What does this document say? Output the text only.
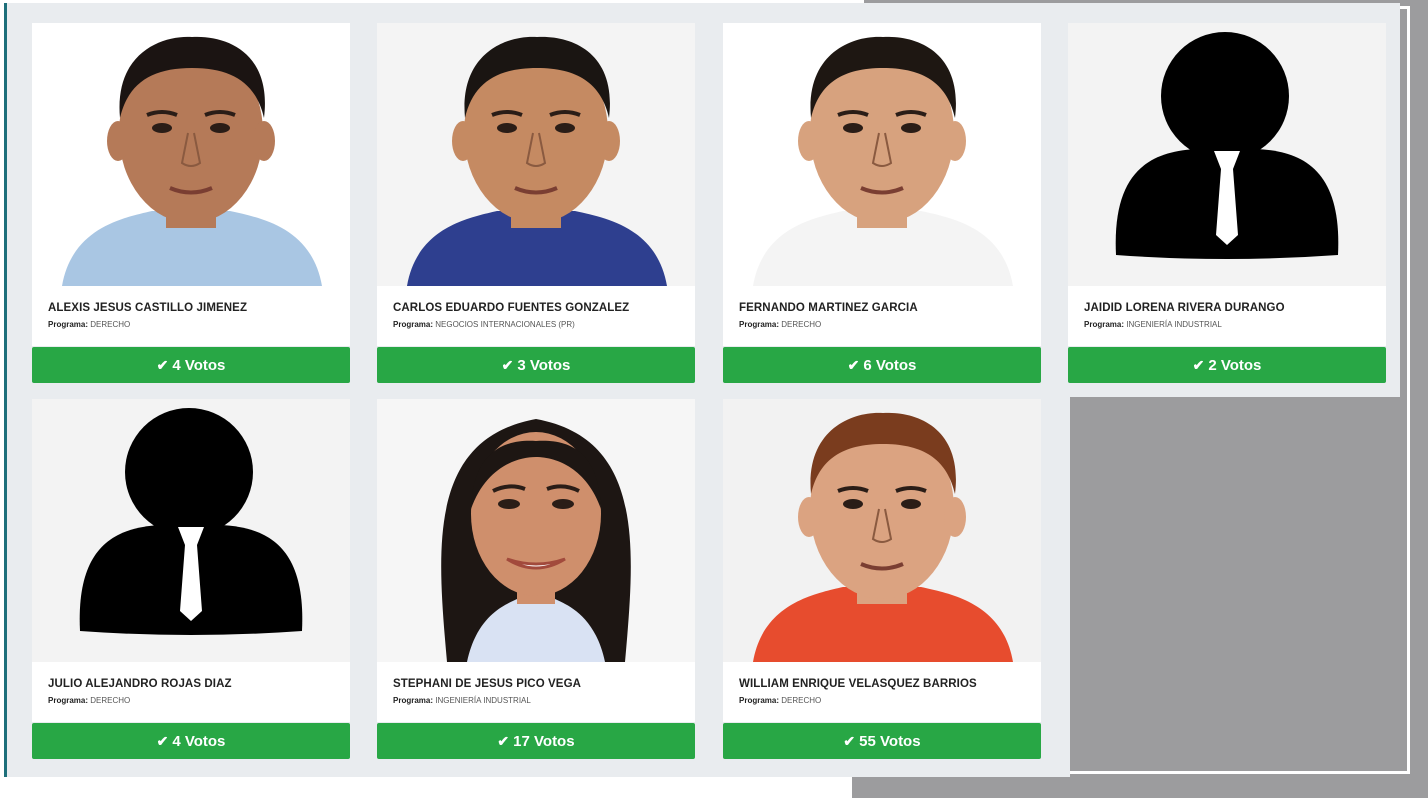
ALEXIS JESUS CASTILLO JIMENEZ
Programa: DERECHO
✔ 4 Votos
CARLOS EDUARDO FUENTES GONZALEZ
Programa: NEGOCIOS INTERNACIONALES (PR)
✔ 3 Votos
FERNANDO MARTINEZ GARCIA
Programa: DERECHO
✔ 6 Votos
JAIDID LORENA RIVERA DURANGO
Programa: INGENIERÍA INDUSTRIAL
✔ 2 Votos
JULIO ALEJANDRO ROJAS DIAZ
Programa: DERECHO
✔ 4 Votos
STEPHANI DE JESUS PICO VEGA
Programa: INGENIERÍA INDUSTRIAL
✔ 17 Votos
WILLIAM ENRIQUE VELASQUEZ BARRIOS
Programa: DERECHO
✔ 55 Votos
